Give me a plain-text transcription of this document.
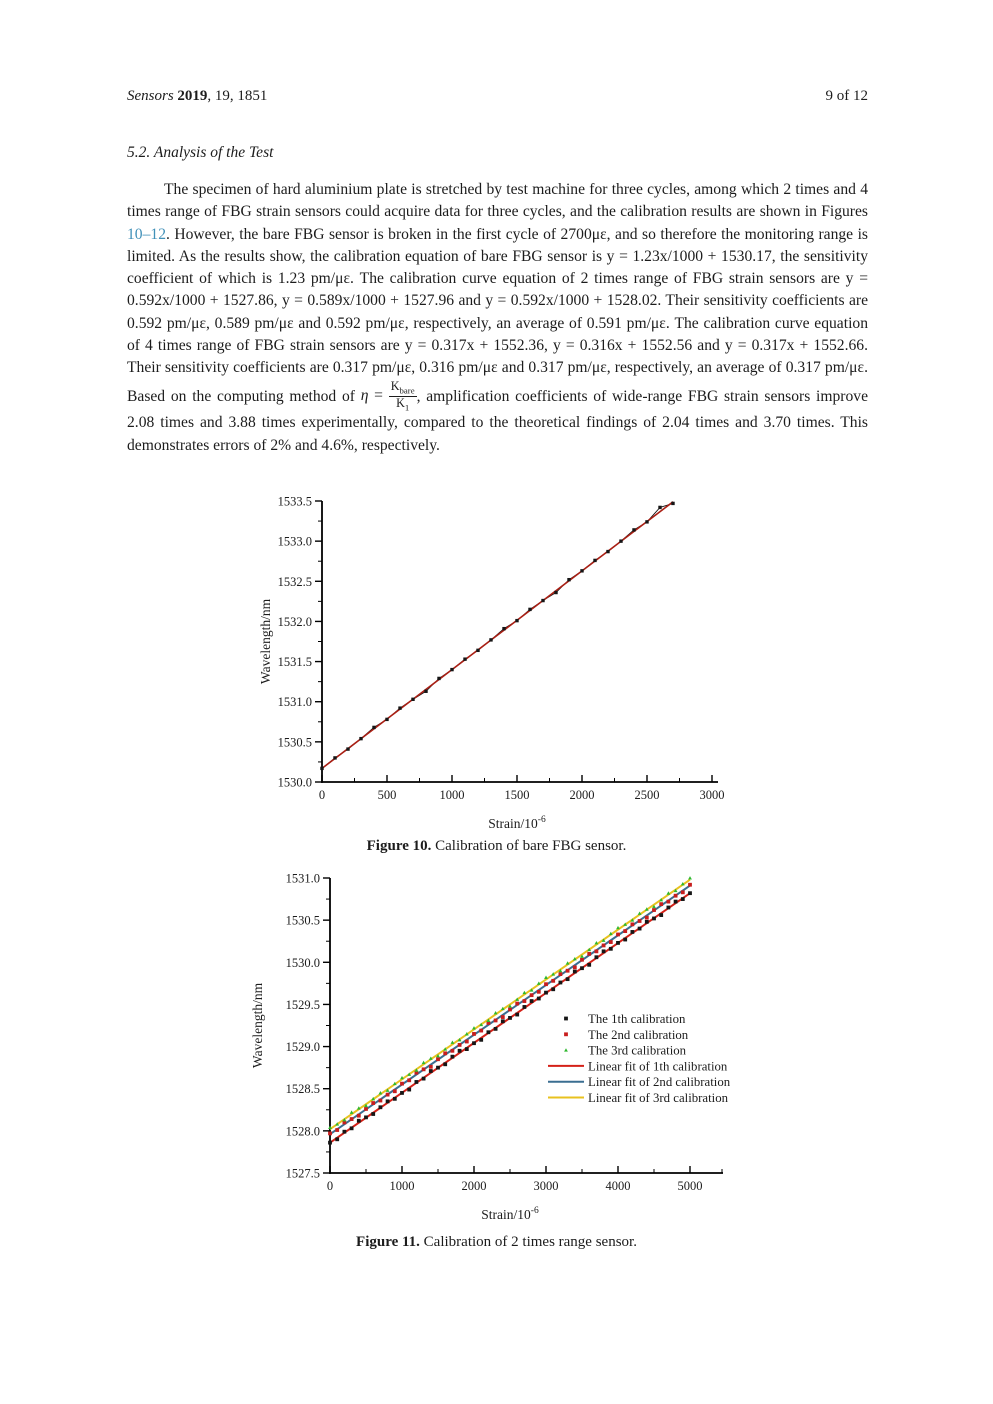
Sensors 2019, 19, 1851	9 of 12
5.2. Analysis of the Test

The specimen of hard aluminium plate is stretched by test machine for three cycles, among which 2 times and 4 times range of FBG strain sensors could acquire data for three cycles, and the calibration results are shown in Figures 10–12. However, the bare FBG sensor is broken in the first cycle of 2700με, and so therefore the monitoring range is limited. As the results show, the calibration equation of bare FBG sensor is y = 1.23x/1000 + 1530.17, the sensitivity coefficient of which is 1.23 pm/με. The calibration curve equation of 2 times range of FBG strain sensors are y = 0.592x/1000 + 1527.86, y = 0.589x/1000 + 1527.96 and y = 0.592x/1000 + 1528.02. Their sensitivity coefficients are 0.592 pm/με, 0.589 pm/με and 0.592 pm/με, respectively, an average of 0.591 pm/με. The calibration curve equation of 4 times range of FBG strain sensors are y = 0.317x + 1552.36, y = 0.316x + 1552.56 and y = 0.317x + 1552.66. Their sensitivity coefficients are 0.317 pm/με, 0.316 pm/με and 0.317 pm/με, respectively, an average of 0.317 pm/με. Based on the computing method of $\eta = \frac{K_{bare}}{K_1}$, amplification coefficients of wide-range FBG strain sensors improve 2.08 times and 3.88 times experimentally, compared to the theoretical findings of 2.04 times and 3.70 times. This demonstrates errors of 2% and 4.6%, respectively.

0	500	1000	1500	2000	2500	3000
1530.0
1530.5
1531.0
1531.5
1532.0
1532.5
1533.0
1533.5
Wavelength/nm
Strain/$10^{-6}$
Figure 10. Calibration of bare FBG sensor.
0	1000	2000	3000	4000	5000
1527.5
1528.0
1528.5
1529.0
1529.5
1530.0
1530.5
1531.0
Wavelength/nm
Strain/$10^{-6}$
The 1th calibration
The 2nd calibration
The 3rd calibration
Linear fit of 1th calibration
Linear fit of 2nd calibration
Linear fit of 3rd calibration
Figure 11. Calibration of 2 times range sensor.
